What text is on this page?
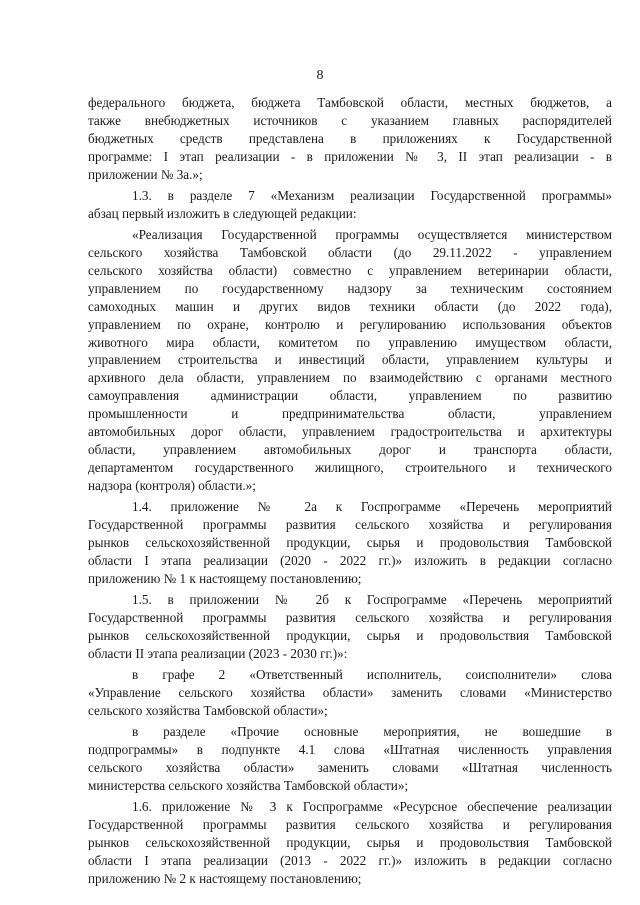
8
федерального бюджета, бюджета Тамбовской области, местных бюджетов, а
также внебюджетных источников с указанием главных распорядителей
бюджетных средств представлена в приложениях к Государственной
программе: I этап реализации - в приложении № 3, II этап реализации - в
приложении № 3а.»;
1.3. в разделе 7 «Механизм реализации Государственной программы»
абзац первый изложить в следующей редакции:
«Реализация Государственной программы осуществляется министерством
сельского хозяйства Тамбовской области (до 29.11.2022 - управлением
сельского хозяйства области) совместно с управлением ветеринарии области,
управлением по государственному надзору за техническим состоянием
самоходных машин и других видов техники области (до 2022 года),
управлением по охране, контролю и регулированию использования объектов
животного мира области, комитетом по управлению имуществом области,
управлением строительства и инвестиций области, управлением культуры и
архивного дела области, управлением по взаимодействию с органами местного
самоуправления администрации области, управлением по развитию
промышленности и предпринимательства области, управлением
автомобильных дорог области, управлением градостроительства и архитектуры
области, управлением автомобильных дорог и транспорта области,
департаментом государственного жилищного, строительного и технического
надзора (контроля) области.»;
1.4. приложение № 2а к Госпрограмме «Перечень мероприятий
Государственной программы развития сельского хозяйства и регулирования
рынков сельскохозяйственной продукции, сырья и продовольствия Тамбовской
области I этапа реализации (2020 - 2022 гг.)» изложить в редакции согласно
приложению № 1 к настоящему постановлению;
1.5. в приложении № 2б к Госпрограмме «Перечень мероприятий
Государственной программы развития сельского хозяйства и регулирования
рынков сельскохозяйственной продукции, сырья и продовольствия Тамбовской
области II этапа реализации (2023 - 2030 гг.)»:
в графе 2 «Ответственный исполнитель, соисполнители» слова
«Управление сельского хозяйства области» заменить словами «Министерство
сельского хозяйства Тамбовской области»;
в разделе «Прочие основные мероприятия, не вошедшие в
подпрограммы» в подпункте 4.1 слова «Штатная численность управления
сельского хозяйства области» заменить словами «Штатная численность
министерства сельского хозяйства Тамбовской области»;
1.6. приложение № 3 к Госпрограмме «Ресурсное обеспечение реализации
Государственной программы развития сельского хозяйства и регулирования
рынков сельскохозяйственной продукции, сырья и продовольствия Тамбовской
области I этапа реализации (2013 - 2022 гг.)» изложить в редакции согласно
приложению № 2 к настоящему постановлению;
